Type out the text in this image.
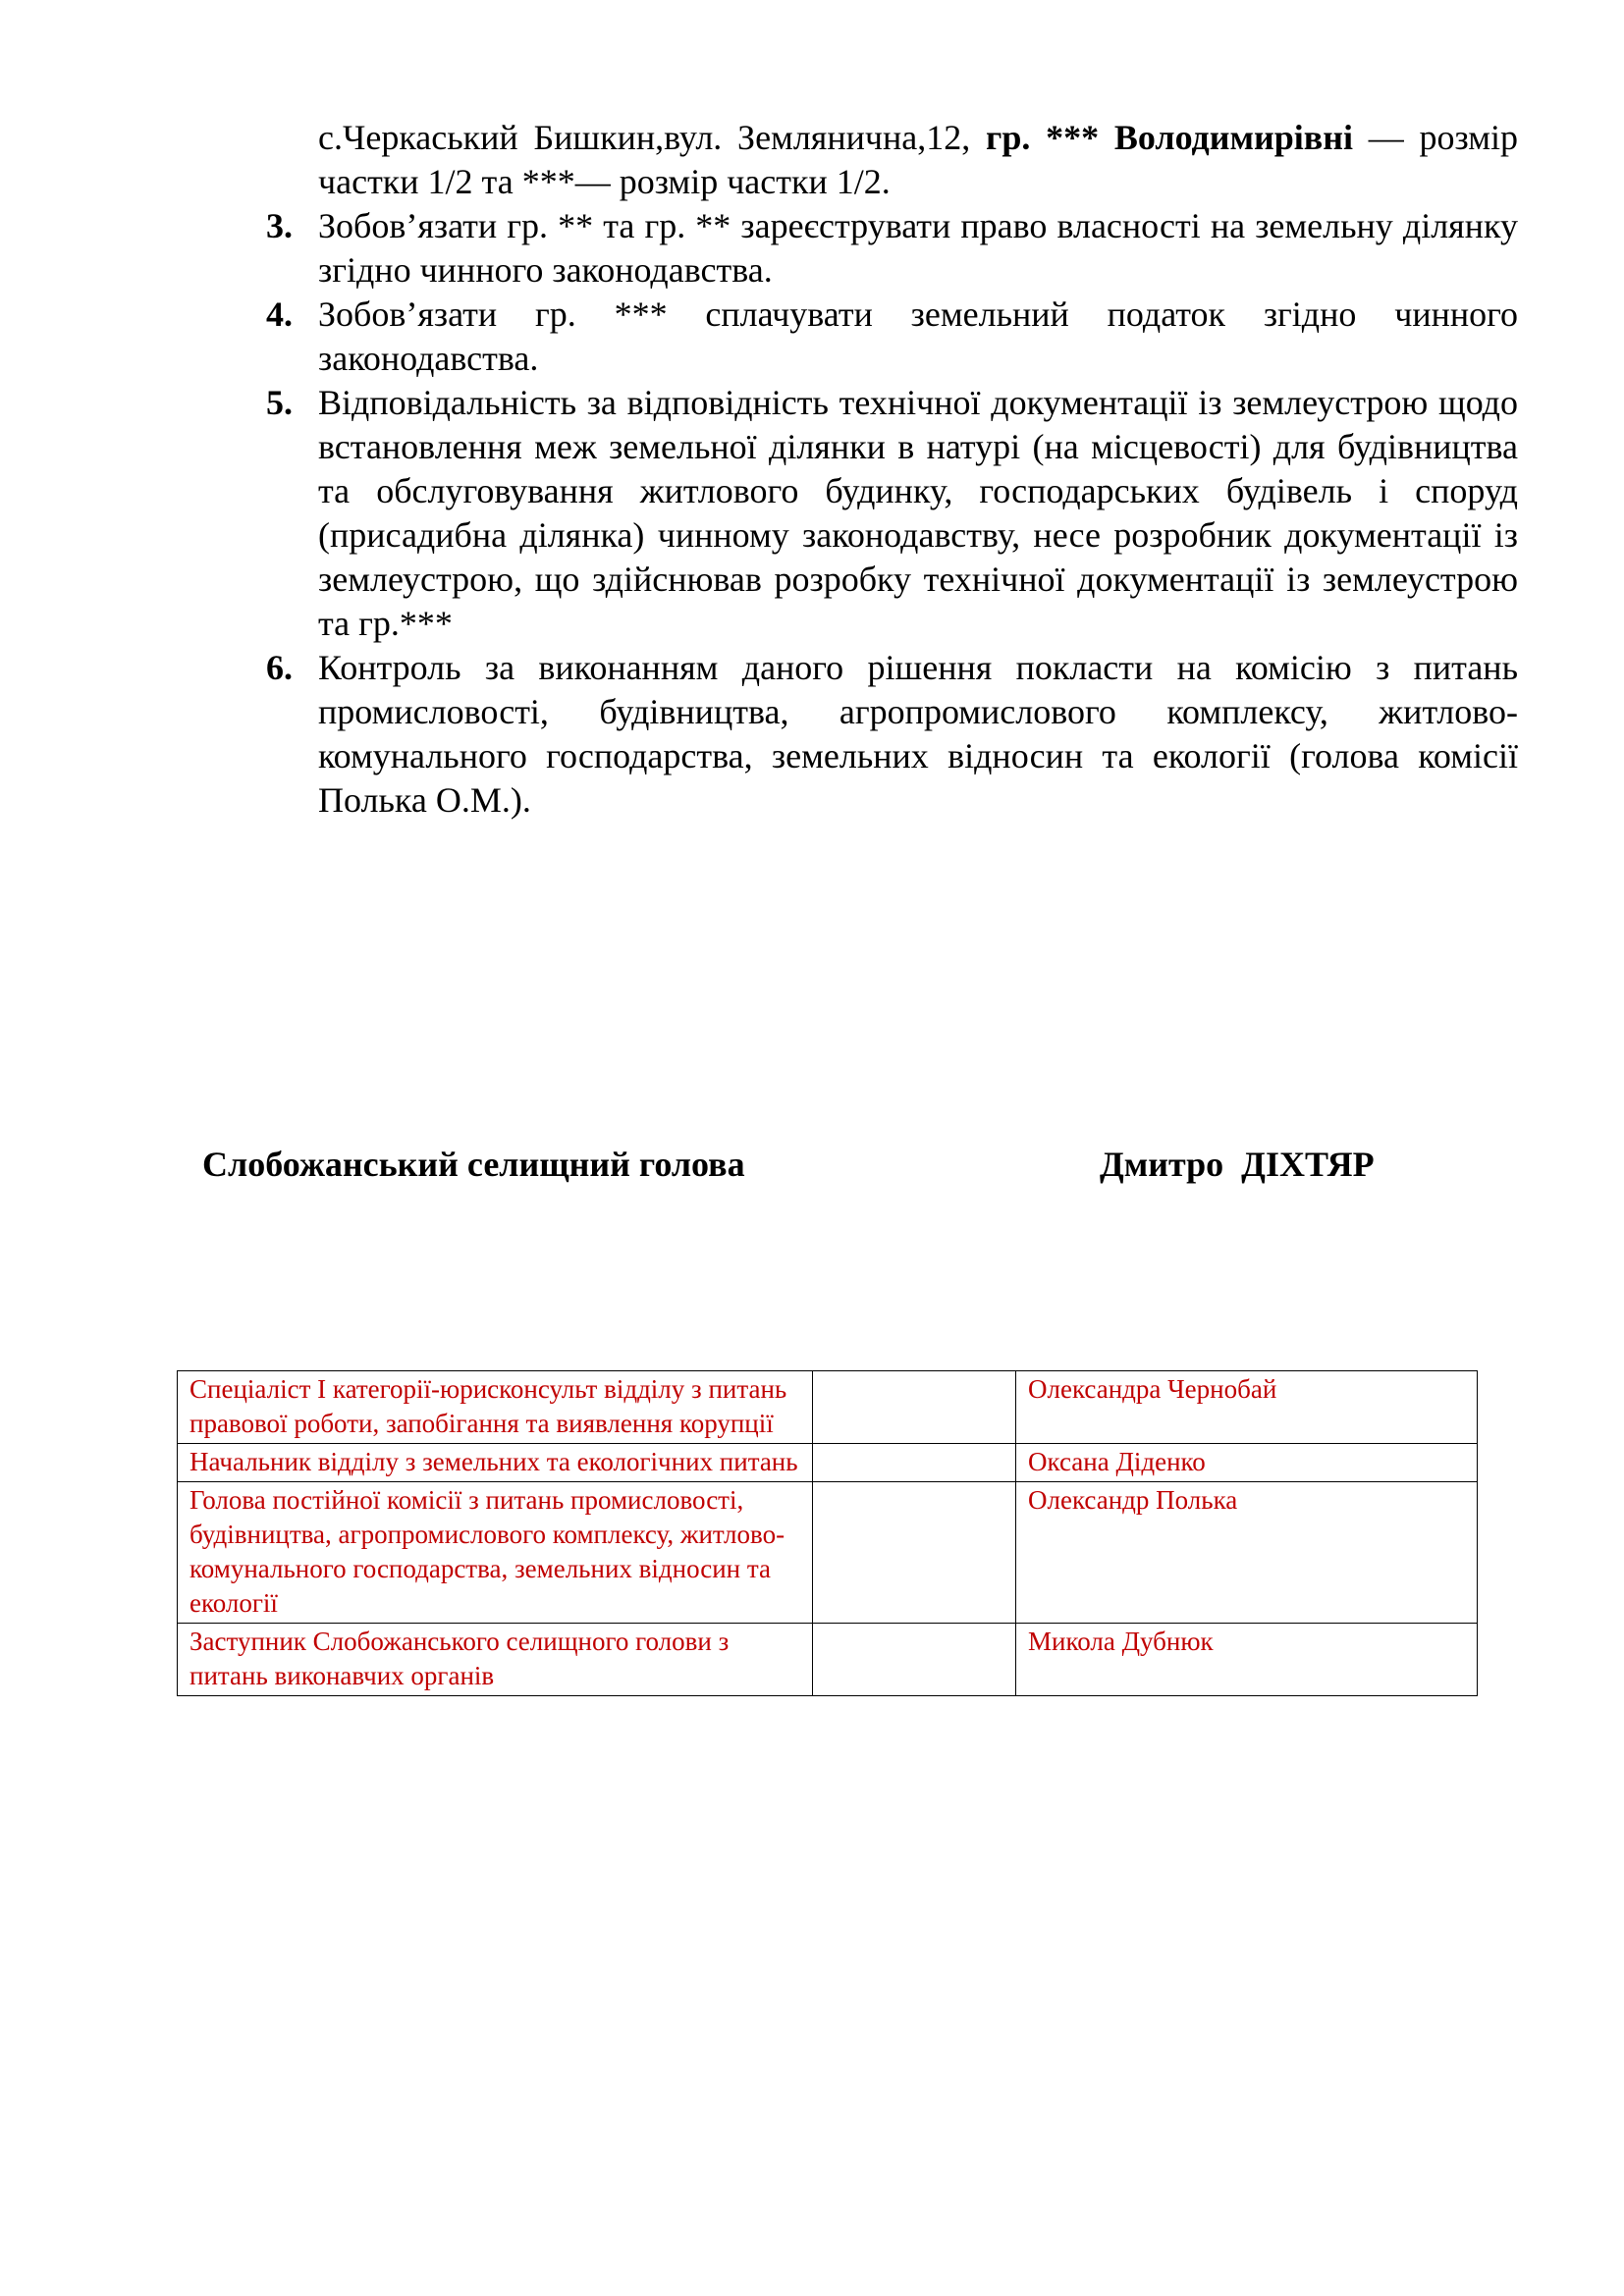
с.Черкаський Бишкин,вул. Землянична,12, гр. *** Володимирівні — розмір частки 1/2 та ***— розмір частки 1/2.
3. Зобов’язати гр. ** та гр. ** зареєструвати право власності на земельну ділянку згідно чинного законодавства.
4. Зобов’язати гр. *** сплачувати земельний податок згідно чинного законодавства.
5. Відповідальність за відповідність технічної документації із землеустрою щодо встановлення меж земельної ділянки в натурі (на місцевості) для будівництва та обслуговування житлового будинку, господарських будівель і споруд (присадибна ділянка) чинному законодавству, несе розробник документації із землеустрою, що здійснював розробку технічної документації із землеустрою та гр.***
6. Контроль за виконанням даного рішення покласти на комісію з питань промисловості, будівництва, агропромислового комплексу, житлово-комунального господарства, земельних відносин та екології (голова комісії Полька О.М.).
Слобожанський селищний голова	Дмитро  ДІХТЯР
Спеціаліст І категорії-юрисконсульт відділу з питань правової роботи, запобігання та виявлення корупції		Олександра Чернобай
Начальник відділу з земельних та екологічних питань		Оксана Діденко
Голова постійної комісії з питань промисловості, будівництва, агропромислового комплексу, житлово-комунального господарства, земельних відносин та екології		Олександр Полька
Заступник Слобожанського селищного голови з питань виконавчих органів		Микола Дубнюк
